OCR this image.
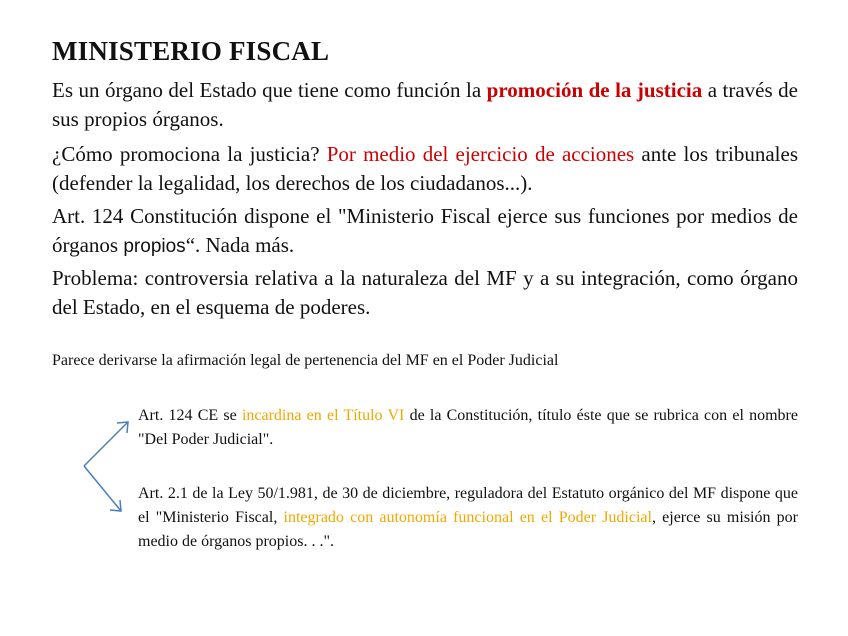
MINISTERIO FISCAL
Es un órgano del Estado que tiene como función la promoción de la justicia a través de sus propios órganos.
¿Cómo promociona la justicia? Por medio del ejercicio de acciones ante los tribunales (defender la legalidad, los derechos de los ciudadanos...).
Art. 124 Constitución dispone el "Ministerio Fiscal ejerce sus funciones por medios de órganos propios“. Nada más.
Problema: controversia relativa a la naturaleza del MF y a su integración, como órgano del Estado, en el esquema de poderes.
Parece derivarse la afirmación legal de pertenencia del MF en el Poder Judicial
Art. 124 CE se incardina en el Título VI de la Constitución, título éste que se rubrica con el nombre "Del Poder Judicial".
Art. 2.1 de la Ley 50/1.981, de 30 de diciembre, reguladora del Estatuto orgánico del MF dispone que el "Ministerio Fiscal, integrado con autonomía funcional en el Poder Judicial, ejerce su misión por medio de órganos propios. . .".
